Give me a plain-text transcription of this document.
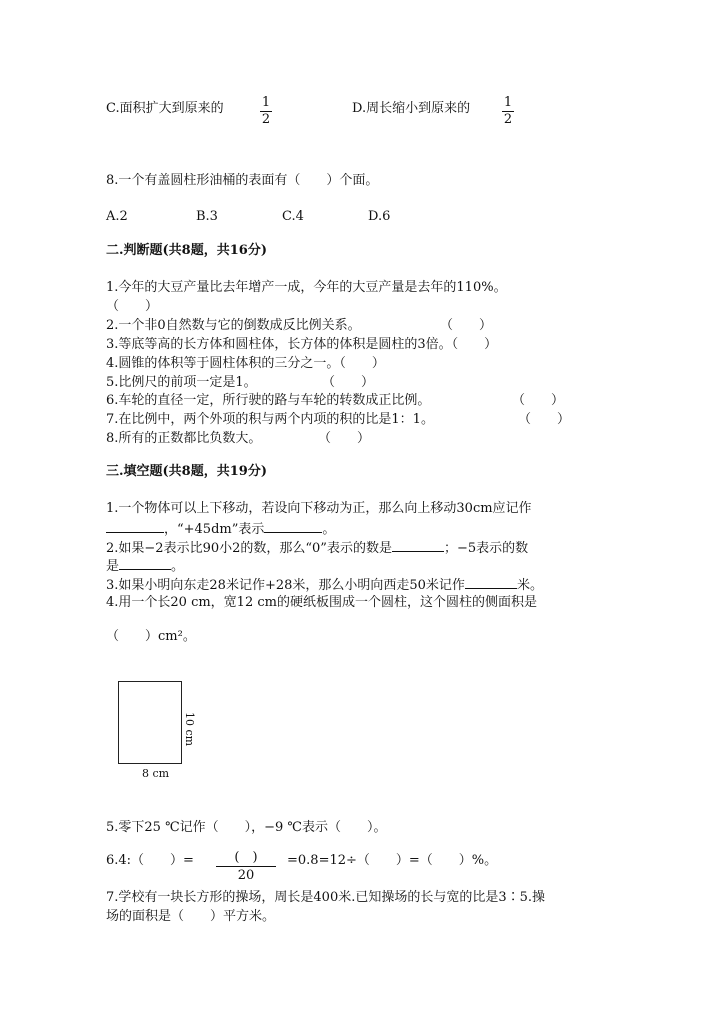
C.面积扩大到原来的	1
2
D.周长缩小到原来的	1
2
8.一个有盖圆柱形油桶的表面有（　　）个面。
A.2	B.3	C.4	D.6
二.判断题(共8题，共16分)
1.今年的大豆产量比去年增产一成，今年的大豆产量是去年的110%。
（　　）
2.一个非0自然数与它的倒数成反比例关系。	（　　）
3.等底等高的长方体和圆柱体，长方体的体积是圆柱的3倍。（　　）
4.圆锥的体积等于圆柱体积的三分之一。（　　）
5.比例尺的前项一定是1。	（　　）
6.车轮的直径一定，所行驶的路与车轮的转数成正比例。	（　　）
7.在比例中，两个外项的积与两个内项的积的比是1：1。	（　　）
8.所有的正数都比负数大。	（　　）
三.填空题(共8题，共19分)
1.一个物体可以上下移动，若设向下移动为正，那么向上移动30cm应记作
，“+45dm”表示	。
2.如果−2表示比90小2的数，那么“0”表示的数是	；−5表示的数
是	。
3.如果小明向东走28米记作+28米，那么小明向西走50米记作	米。
4.用一个长20 cm，宽12 cm的硬纸板围成一个圆柱，这个圆柱的侧面积是
（　　）cm²。
10 cm
8 cm
5.零下25 ℃记作（　　），−9 ℃表示（　　）。
6.4:（　　）=	(　)
20
=0.8=12÷（　　）=（　　）%。
7.学校有一块长方形的操场，周长是400米.已知操场的长与宽的比是3∶5.操
场的面积是（　　）平方米。
